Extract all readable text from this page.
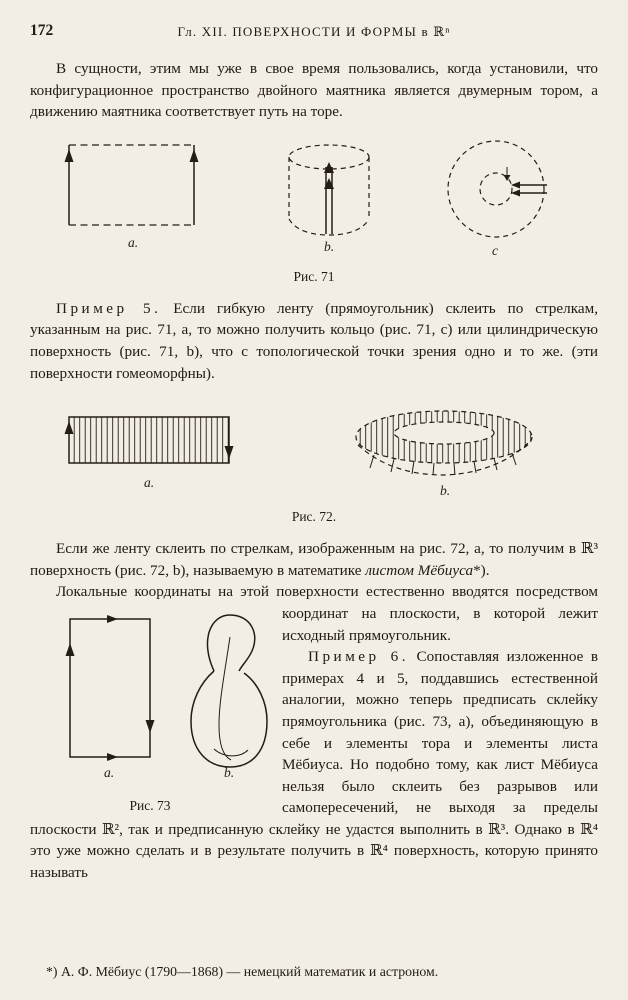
172	Гл. XII. ПОВЕРХНОСТИ И ФОРМЫ в ℝⁿ

В сущности, этим мы уже в свое время пользовались, когда установили, что конфигурационное пространство двойного маятника является двумерным тором, а движению маятника соответствует путь на торе.

a.	b.	c
Рис. 71

Пример 5. Если гибкую ленту (прямоугольник) склеить по стрелкам, указанным на рис. 71, а, то можно получить кольцо (рис. 71, с) или цилиндрическую поверхность (рис. 71, b), что с топологической точки зрения одно и то же. (эти поверхности гомеоморфны).

a.
b.
Рис. 72.

Если же ленту склеить по стрелкам, изображенным на рис. 72, а, то получим в ℝ³ поверхность (рис. 72, b), называемую в математике листом Мёбиуса*).

Локальные координаты на этой поверхности естественно вводятся
a.	b.
Рис. 73
посредством координат на плоскости, в которой лежит исходный прямоугольник.

Пример 6. Сопоставляя изложенное в примерах 4 и 5, поддавшись естественной аналогии, можно теперь предписать склейку прямоугольника (рис. 73, а), объединяющую в себе и элементы тора и элементы листа Мёбиуса. Но подобно тому, как лист Мёбиуса нельзя было склеить без разрывов или самопересечений, не выходя за пределы плоскости ℝ², так и предписанную склейку не удастся выполнить в ℝ³. Однако в ℝ⁴ это уже можно сделать и в результате получить в ℝ⁴ поверхность, которую принято называть

*) А. Ф. Мёбиус (1790—1868) — немецкий математик и астроном.
